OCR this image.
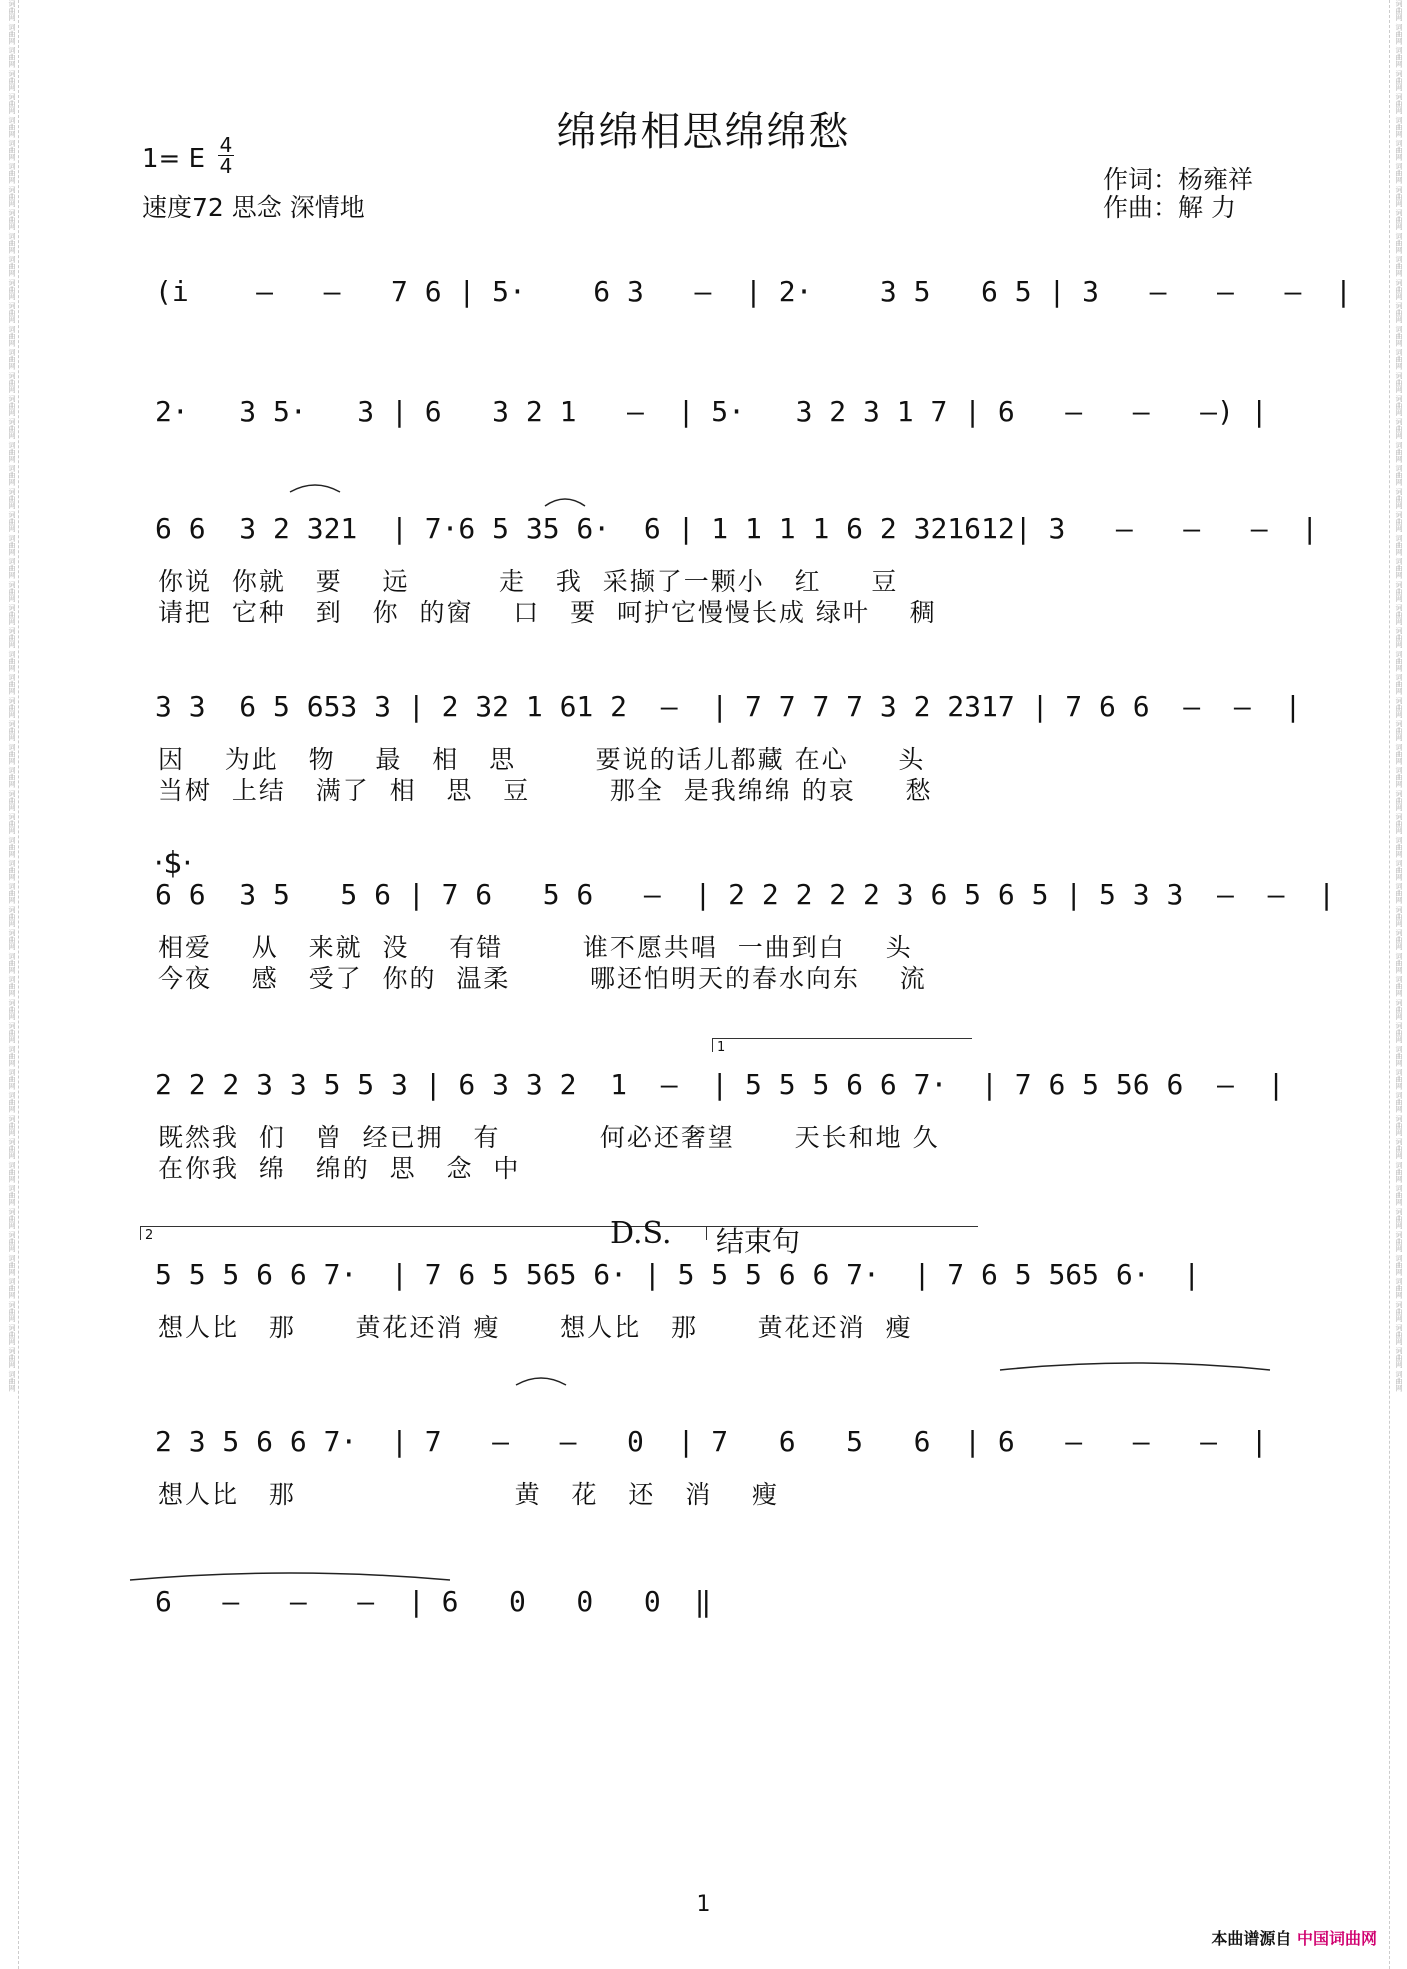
词曲网 词曲网 词曲网 词曲网 词曲网 词曲网 词曲网 词曲网 词曲网 词曲网 词曲网 词曲网 词曲网 词曲网 词曲网 词曲网 词曲网 词曲网 词曲网 词曲网 词曲网 词曲网 词曲网 词曲网 词曲网 词曲网 词曲网 词曲网 词曲网 词曲网 词曲网 词曲网 词曲网 词曲网 词曲网 词曲网 词曲网 词曲网 词曲网 词曲网 词曲网 词曲网 词曲网 词曲网 词曲网 词曲网 词曲网 词曲网 词曲网 词曲网 词曲网 词曲网 词曲网 词曲网 词曲网 词曲网 词曲网 词曲网 词曲网 词曲网	词曲网 词曲网 词曲网 词曲网 词曲网 词曲网 词曲网 词曲网 词曲网 词曲网 词曲网 词曲网 词曲网 词曲网 词曲网 词曲网 词曲网 词曲网 词曲网 词曲网 词曲网 词曲网 词曲网 词曲网 词曲网 词曲网 词曲网 词曲网 词曲网 词曲网 词曲网 词曲网 词曲网 词曲网 词曲网 词曲网 词曲网 词曲网 词曲网 词曲网 词曲网 词曲网 词曲网 词曲网 词曲网 词曲网 词曲网 词曲网 词曲网 词曲网 词曲网 词曲网 词曲网 词曲网 词曲网 词曲网 词曲网 词曲网 词曲网 词曲网
绵绵相思绵绵愁
1= E 4
4
速度72 思念 深情地
作词：杨雍祥
作曲：解 力
(i    —   —   7 6 | 5·    6 3   —  | 2·    3 5   6 5 | 3   —   —   —  |
2·   3 5·   3 | 6   3 2 1   —  | 5·   3 2 3 1 7 | 6   —   —   —) |
6 6  3 2 321  | 7·6 5 35 6·  6 | 1 1 1 1 6 2 321612| 3   —   —   —  |
你说  你就   要    远         走   我  采撷了一颗小   红     豆
请把  它种   到   你  的窗    口   要  呵护它慢慢长成 绿叶    稠
3 3  6 5 653 3 | 2 32 1 61 2  —  | 7 7 7 7 3 2 2317 | 7 6 6  —  —  |
因    为此   物    最   相   思        要说的话儿都藏 在心     头
当树  上结   满了  相   思   豆        那全  是我绵绵 的哀     愁
6 6  3 5   5 6 | 7 6   5 6   —  | 2 2 2 2 2 3 6 5 6 5 | 5 3 3  —  —  |
相爱    从   来就  没    有错        谁不愿共唱  一曲到白    头
今夜    感   受了  你的  温柔        哪还怕明天的春水向东    流
2 2 2 3 3 5 5 3 | 6 3 3 2  1  —  | 5 5 5 6 6 7·  | 7 6 5 56 6  —  |
既然我  们   曾  经已拥   有          何必还奢望      天长和地 久
在你我  绵   绵的  思   念  中
5 5 5 6 6 7·  | 7 6 5 565 6· | 5 5 5 6 6 7·  | 7 6 5 565 6·  |
想人比   那      黄花还消 瘦      想人比   那      黄花还消  瘦
2 3 5 6 6 7·  | 7   —   —   0  | 7   6   5   6  | 6   —   —   —  |
想人比   那                      黄   花   还   消    瘦
6   —   —   —  | 6   0   0   0  ‖
·$·
1
2	D.S. 结束句
1
本曲谱源自 中国词曲网
